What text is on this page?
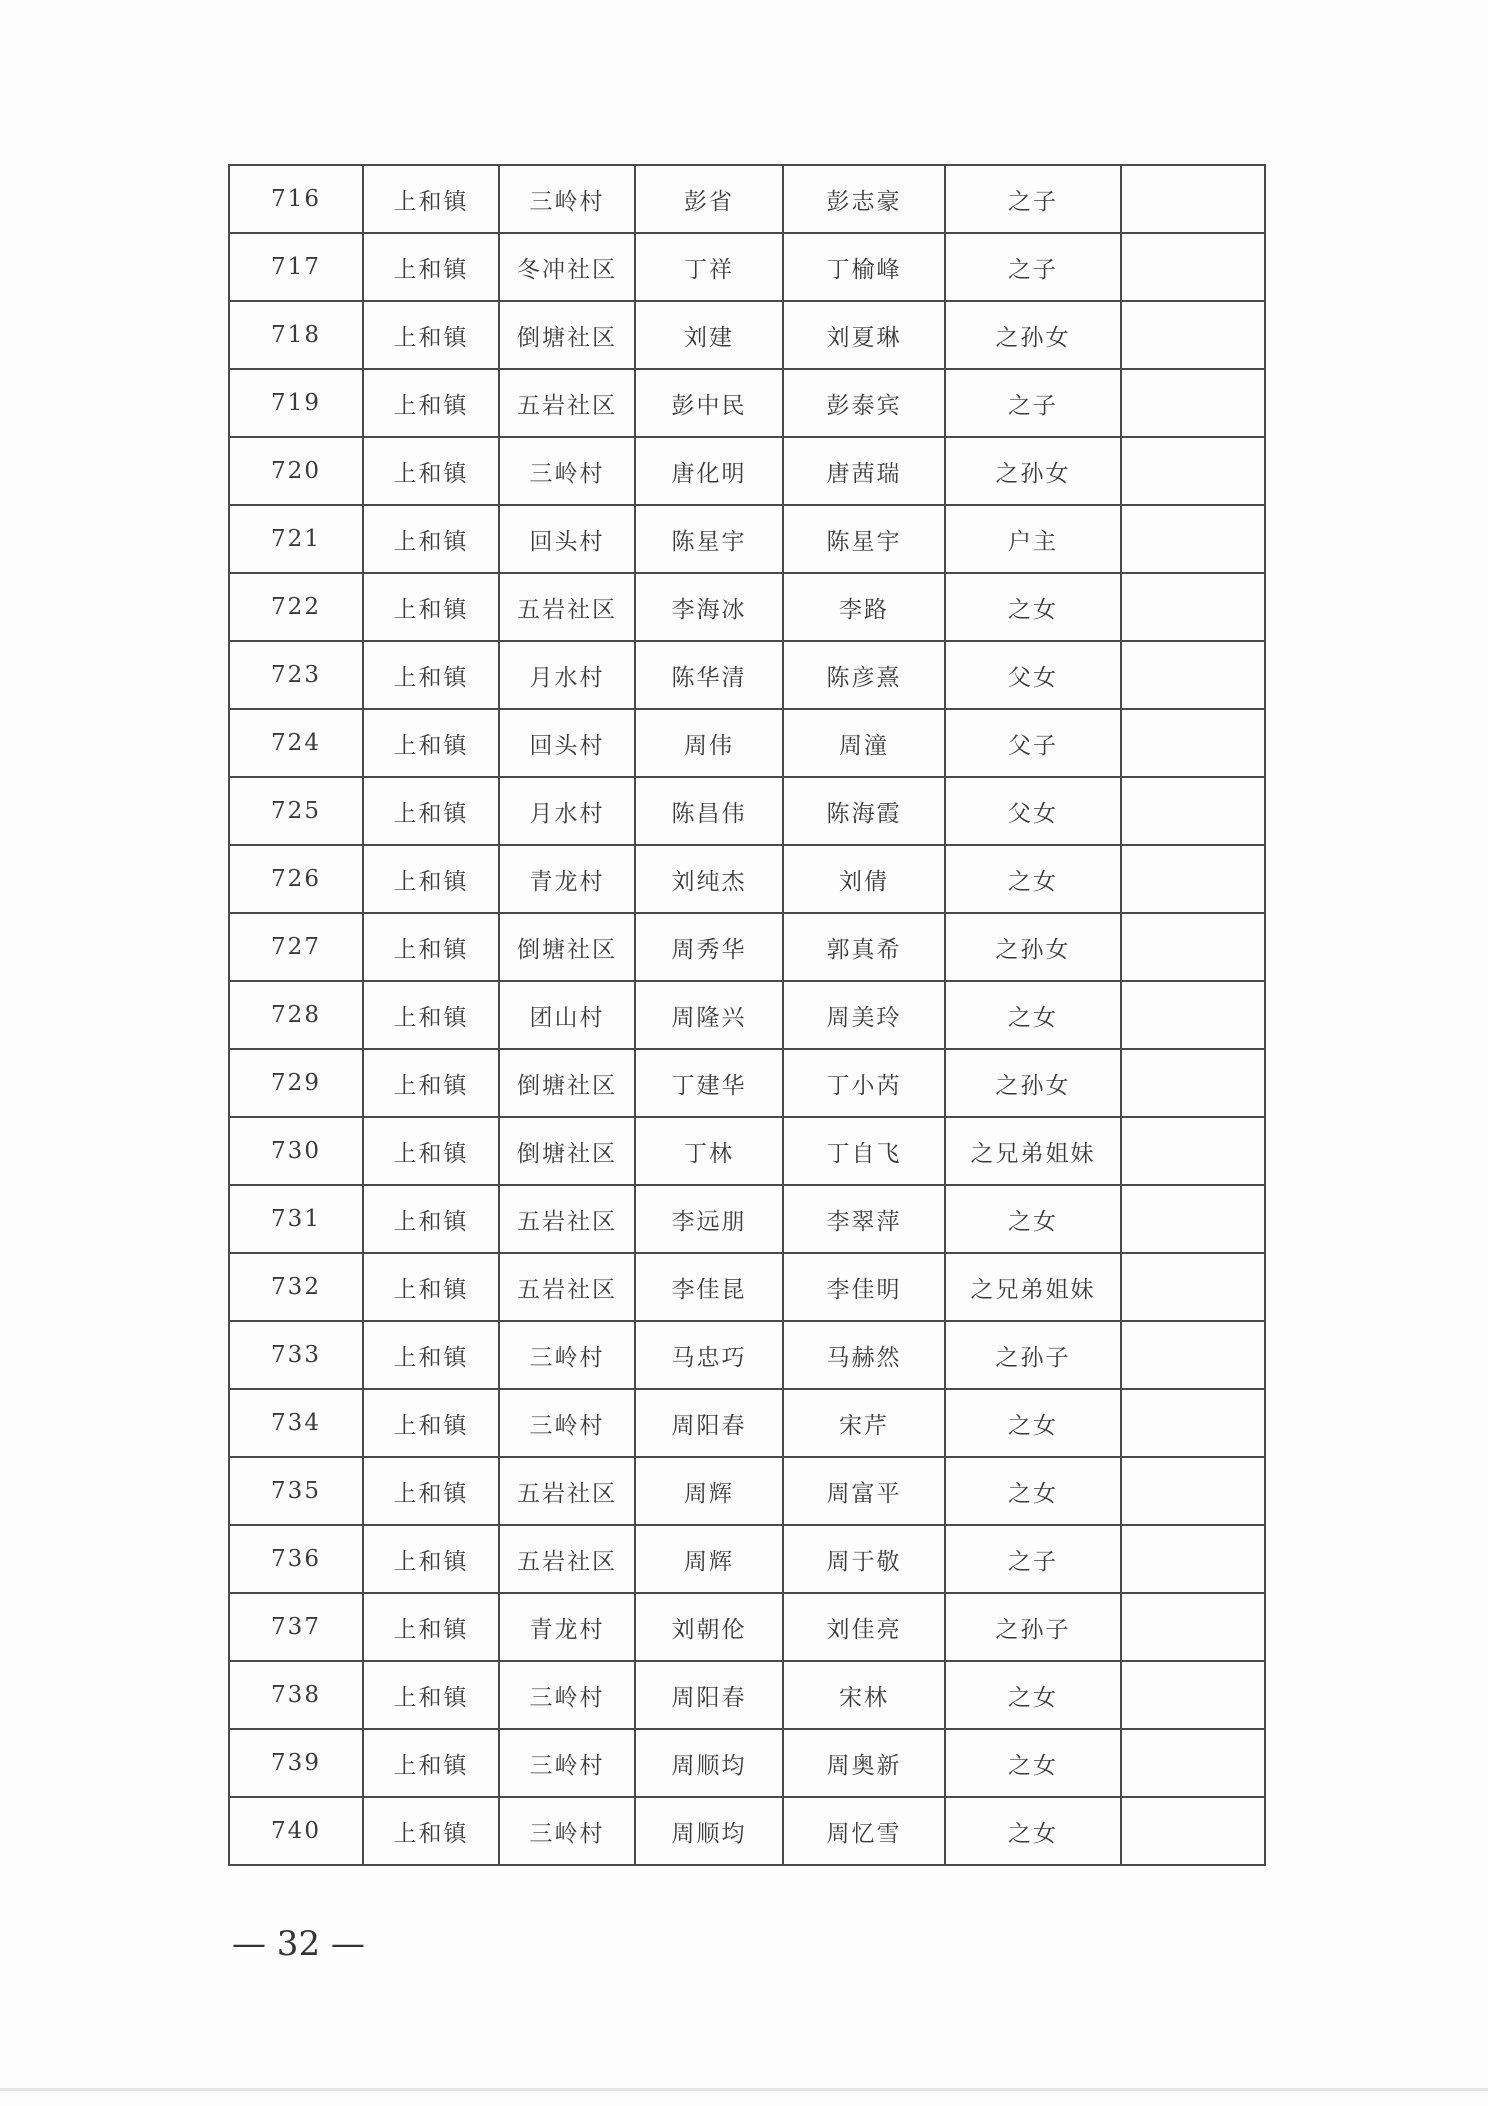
716	上和镇	三岭村	彭省	彭志豪	之子	
717	上和镇	冬冲社区	丁祥	丁榆峰	之子	
718	上和镇	倒塘社区	刘建	刘夏琳	之孙女	
719	上和镇	五岩社区	彭中民	彭泰宾	之子	
720	上和镇	三岭村	唐化明	唐茜瑞	之孙女	
721	上和镇	回头村	陈星宇	陈星宇	户主	
722	上和镇	五岩社区	李海冰	李路	之女	
723	上和镇	月水村	陈华清	陈彦熹	父女	
724	上和镇	回头村	周伟	周潼	父子	
725	上和镇	月水村	陈昌伟	陈海霞	父女	
726	上和镇	青龙村	刘纯杰	刘倩	之女	
727	上和镇	倒塘社区	周秀华	郭真希	之孙女	
728	上和镇	团山村	周隆兴	周美玲	之女	
729	上和镇	倒塘社区	丁建华	丁小芮	之孙女	
730	上和镇	倒塘社区	丁林	丁自飞	之兄弟姐妹	
731	上和镇	五岩社区	李远朋	李翠萍	之女	
732	上和镇	五岩社区	李佳昆	李佳明	之兄弟姐妹	
733	上和镇	三岭村	马忠巧	马赫然	之孙子	
734	上和镇	三岭村	周阳春	宋芹	之女	
735	上和镇	五岩社区	周辉	周富平	之女	
736	上和镇	五岩社区	周辉	周于敬	之子	
737	上和镇	青龙村	刘朝伦	刘佳亮	之孙子	
738	上和镇	三岭村	周阳春	宋林	之女	
739	上和镇	三岭村	周顺均	周奥新	之女	
740	上和镇	三岭村	周顺均	周忆雪	之女	
— 32 —
